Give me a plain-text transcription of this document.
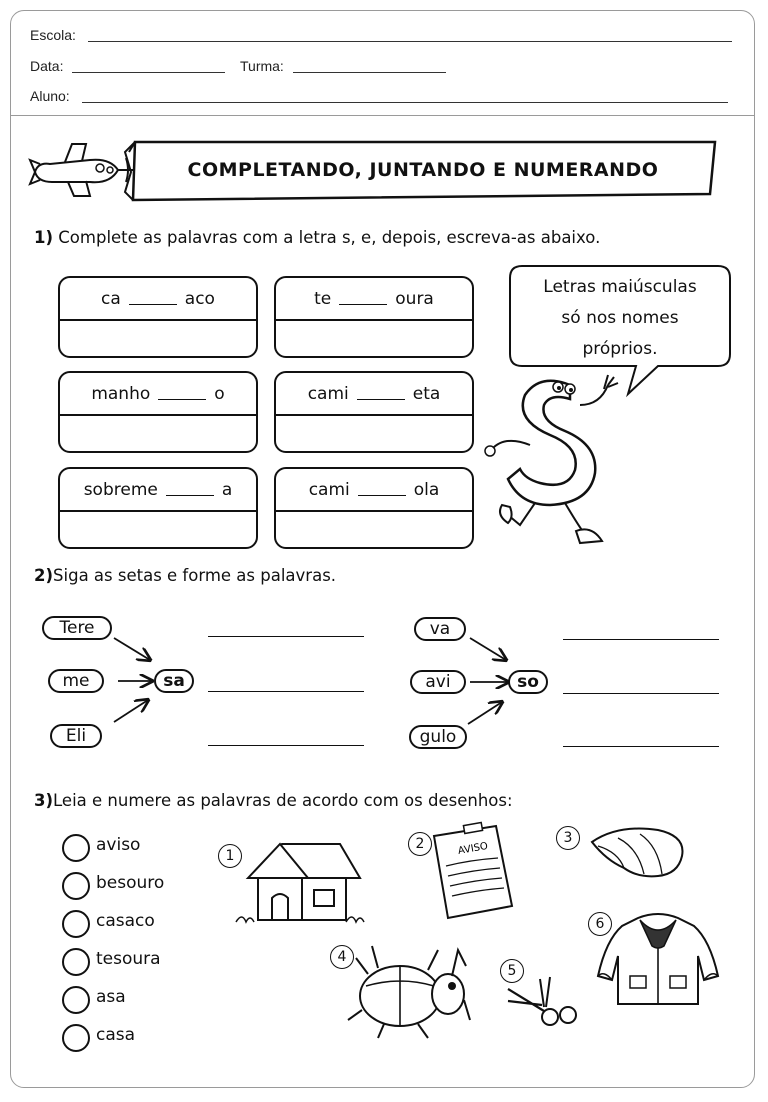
Escola:
Data:	Turma:
Aluno:
COMPLETANDO, JUNTANDO E NUMERANDO
1) Complete as palavras com a letra s, e, depois, escreva-as abaixo.
ca	aco	te	oura
manho	o	cami	eta
sobreme	a	cami	ola
Letras maiúsculas
só nos nomes
próprios.
2)Siga as setas e forme as palavras.
Tere
me
Eli
sa
va
avi
gulo
so
3)Leia e numere as palavras de acordo com os desenhos:
aviso
besouro
casaco
tesoura
asa
casa
1
2	AVISO
3
4
5
6
